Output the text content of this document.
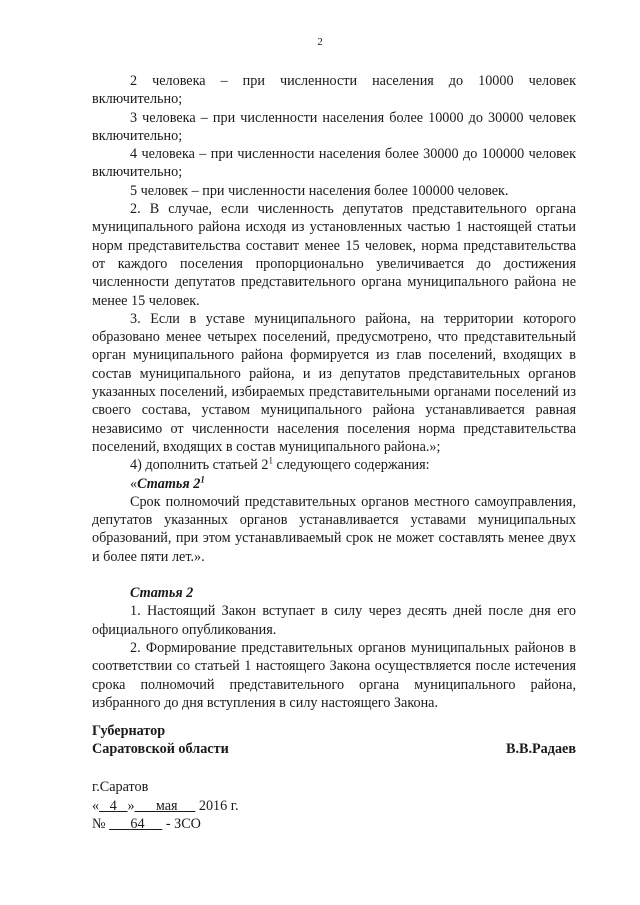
2

2 человека – при численности населения до 10000 человек включительно;

3 человека – при численности населения более 10000 до 30000 человек включительно;

4 человека – при численности населения более 30000 до 100000 человек включительно;

5 человек – при численности населения более 100000 человек.

2. В случае, если численность депутатов представительного органа муниципального района исходя из установленных частью 1 настоящей статьи норм представительства составит менее 15 человек, норма представительства от каждого поселения пропорционально увеличивается до достижения численности депутатов представительного органа муниципального района не менее 15 человек.

3. Если в уставе муниципального района, на территории которого образовано менее четырех поселений, предусмотрено, что представительный орган муниципального района формируется из глав поселений, входящих в состав муниципального района, и из депутатов представительных органов указанных поселений, избираемых представительными органами поселений из своего состава, уставом муниципального района устанавливается равная независимо от численности населения поселения норма представительства поселений, входящих в состав муниципального района.»;

4) дополнить статьей $2^1$ следующего содержания:

«Статья $2^1$

Срок полномочий представительных органов местного самоуправления, депутатов указанных органов устанавливается уставами муниципальных образований, при этом устанавливаемый срок не может составлять менее двух и более пяти лет.».

Статья 2

1. Настоящий Закон вступает в силу через десять дней после дня его официального опубликования.

2. Формирование представительных органов муниципальных районов в соответствии со статьей 1 настоящего Закона осуществляется после истечения срока полномочий представительного органа муниципального района, избранного до дня вступления в силу настоящего Закона.

Губернатор
Саратовской области	В.В.Радаев
г.Саратов
« 4 » мая 2016 г.
№ 64 - ЗСО
